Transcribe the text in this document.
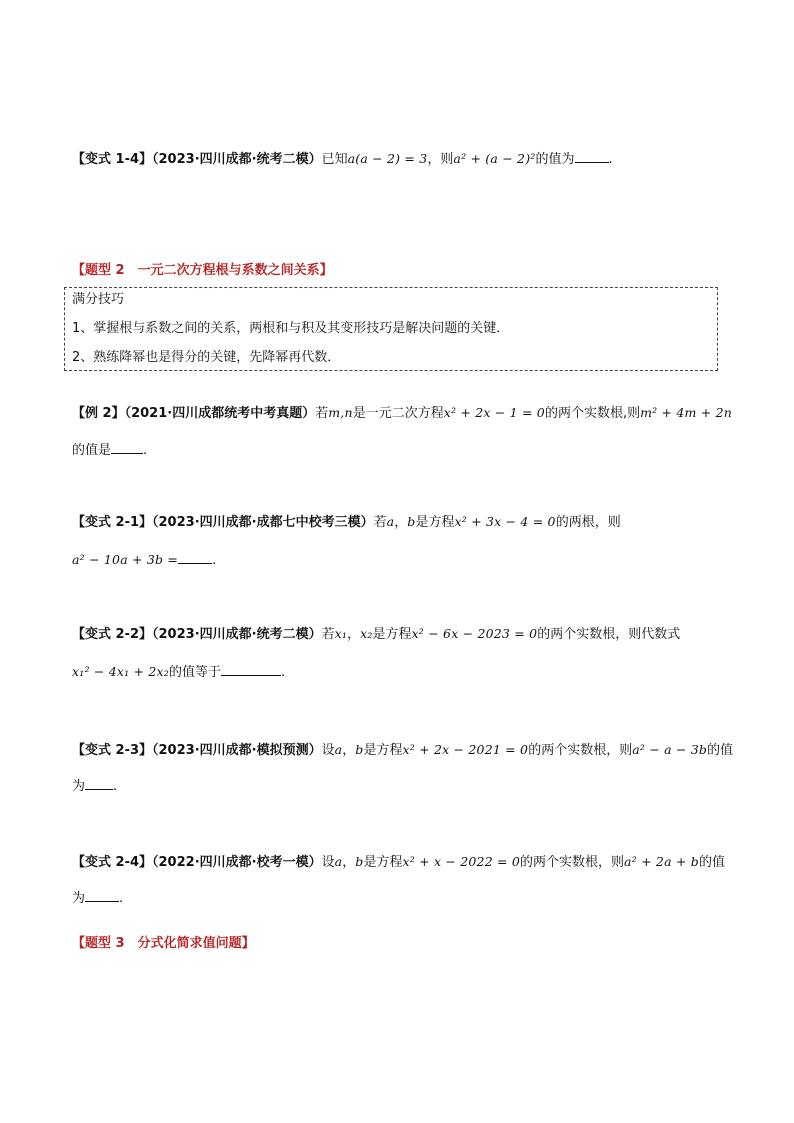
【变式 1-4】（2023·四川成都·统考二模）已知a(a − 2) = 3，则a² + (a − 2)²的值为	.
【题型 2　一元二次方程根与系数之间关系】
满分技巧
1、掌握根与系数之间的关系，两根和与积及其变形技巧是解决问题的关键．
2、熟练降幂也是得分的关键，先降幂再代数．
【例 2】（2021·四川成都统考中考真题）若m,n是一元二次方程x² + 2x − 1 = 0的两个实数根,则m² + 4m + 2n
的值是 .
【变式 2-1】（2023·四川成都·成都七中校考三模）若a，b是方程x² + 3x − 4 = 0的两根，则
a² − 10a + 3b =	.
【变式 2-2】（2023·四川成都·统考二模）若x₁，x₂是方程x² − 6x − 2023 = 0的两个实数根，则代数式
x₁² − 4x₁ + 2x₂的值等于	.
【变式 2-3】（2023·四川成都·模拟预测）设a，b是方程x² + 2x − 2021 = 0的两个实数根，则a² − a − 3b的值
为 .
【变式 2-4】（2022·四川成都·校考一模）设a，b是方程x² + x − 2022 = 0的两个实数根，则a² + 2a + b的值
为	.
【题型 3　分式化简求值问题】
